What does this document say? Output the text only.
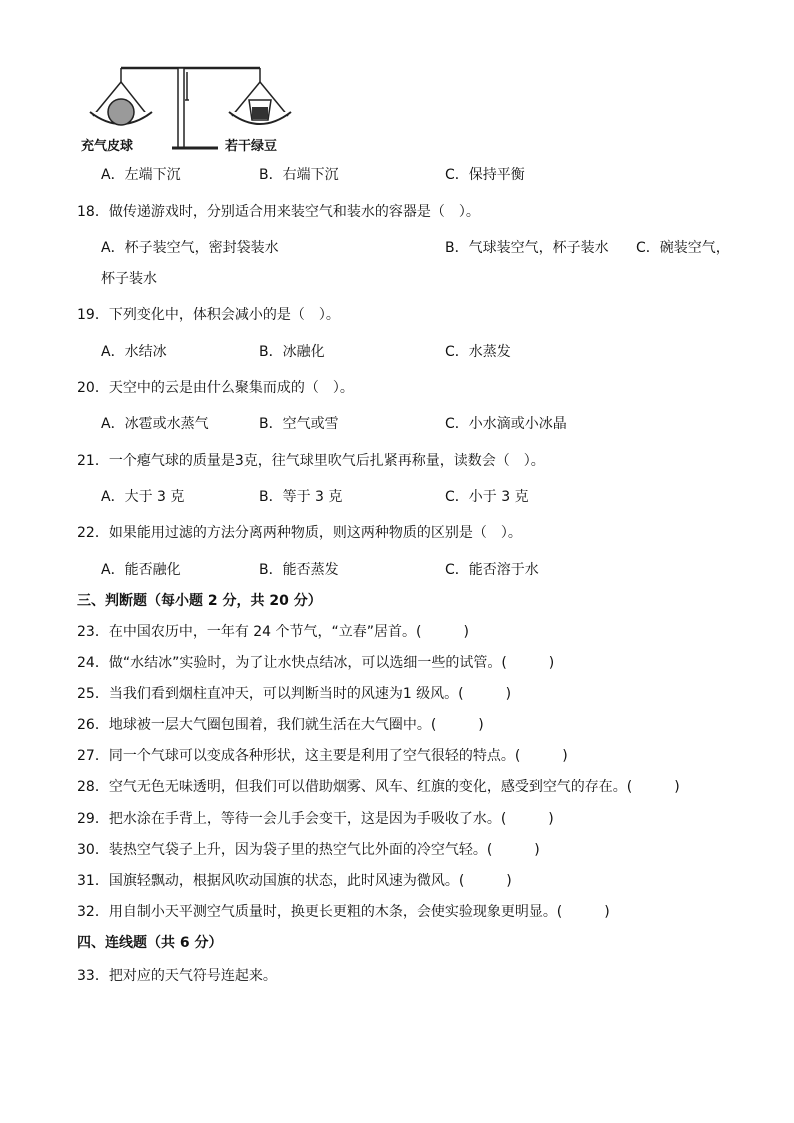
充气皮球	若干绿豆
A．左端下沉	B．右端下沉	C．保持平衡
18．做传递游戏时，分别适合用来装空气和装水的容器是（　）。
A．杯子装空气，密封袋装水	B．气球装空气，杯子装水 C．碗装空气，
杯子装水
19．下列变化中，体积会减小的是（　）。
A．水结冰	B．冰融化	C．水蒸发
20．天空中的云是由什么聚集而成的（　）。
A．冰雹或水蒸气	B．空气或雪	C．小水滴或小冰晶
21．一个瘪气球的质量是3克，往气球里吹气后扎紧再称量，读数会（　）。
A．大于 3 克	B．等于 3 克	C．小于 3 克
22．如果能用过滤的方法分离两种物质，则这两种物质的区别是（　）。
A．能否融化	B．能否蒸发	C．能否溶于水
三、判断题（每小题 2 分，共 20 分）
23．在中国农历中，一年有 24 个节气，“立春”居首。(　　　)
24．做“水结冰”实验时，为了让水快点结冰，可以选细一些的试管。(　　　)
25．当我们看到烟柱直冲天，可以判断当时的风速为1 级风。(　　　)
26．地球被一层大气圈包围着，我们就生活在大气圈中。(　　　)
27．同一个气球可以变成各种形状，这主要是利用了空气很轻的特点。(　　　)
28．空气无色无味透明，但我们可以借助烟雾、风车、红旗的变化，感受到空气的存在。(　　　)
29．把水涂在手背上，等待一会儿手会变干，这是因为手吸收了水。(　　　)
30．装热空气袋子上升，因为袋子里的热空气比外面的冷空气轻。(　　　)
31．国旗轻飘动，根据风吹动国旗的状态，此时风速为微风。(　　　)
32．用自制小天平测空气质量时，换更长更粗的木条，会使实验现象更明显。(　　　)
四、连线题（共 6 分）
33．把对应的天气符号连起来。
